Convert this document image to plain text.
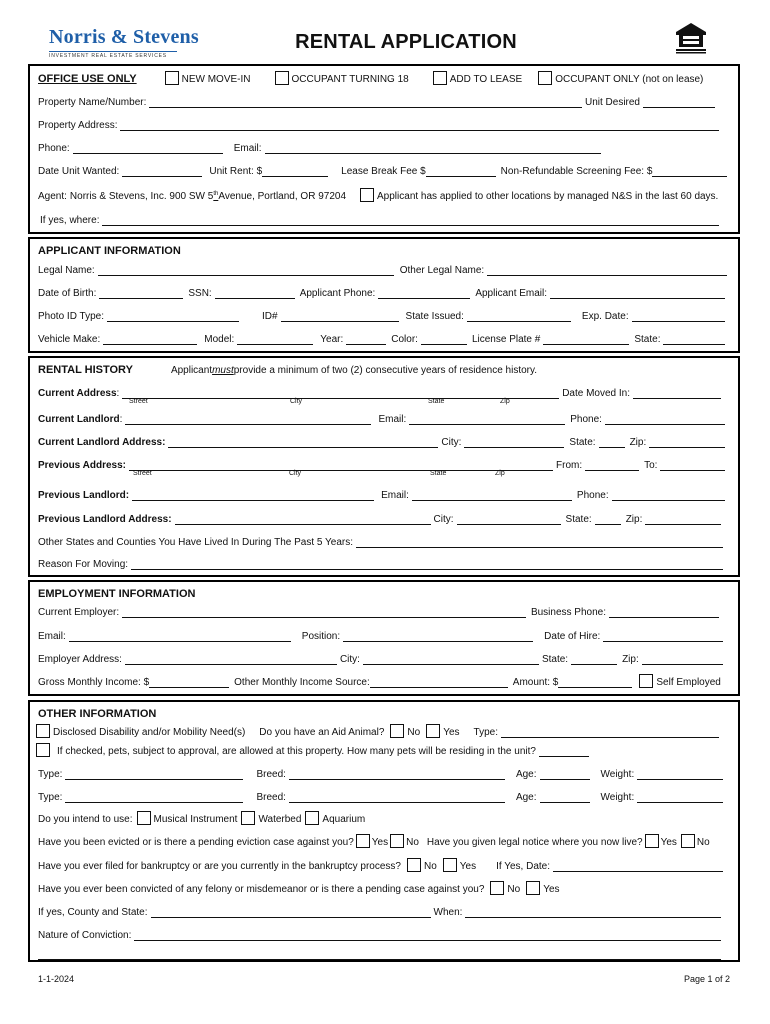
Norris & Stevens
INVESTMENT REAL ESTATE SERVICES
RENTAL APPLICATION
OFFICE USE ONLY	NEW MOVE-IN	OCCUPANT TURNING 18	ADD TO LEASE	OCCUPANT ONLY (not on lease)
Property Name/Number:	Unit Desired
Property Address:
Phone:	Email:
Date Unit Wanted:	Unit Rent: $	Lease Break Fee $	Non-Refundable Screening Fee: $
Agent: Norris & Stevens, Inc. 900 SW 5thAvenue, Portland, OR 97204	Applicant has applied to other locations by managed N&S in the last 60 days.
If yes, where:
APPLICANT INFORMATION
Legal Name:	Other Legal Name:
Date of Birth:	SSN:	Applicant Phone:	Applicant Email:
Photo ID Type:	ID#	State Issued:	Exp. Date:
Vehicle Make:	Model:	Year:	Color:	License Plate #	State:
RENTAL HISTORY	Applicantmustprovide a minimum of two (2) consecutive years of residence history.
Current Address :	Date Moved In:
Street	City	State	Zip
Current Landlord :	Email:	Phone:
Current Landlord Address:	City:	State:	Zip:
Previous Address:	From:	To:
Street	City	State	Zip
Previous Landlord:	Email:	Phone:
Previous Landlord Address:	City:	State:	Zip:
Other States and Counties You Have Lived In During The Past 5 Years:
Reason For Moving:
EMPLOYMENT INFORMATION
Current Employer:	Business Phone:
Email:	Position:	Date of Hire:
Employer Address:	City:	State:	Zip:
Gross Monthly Income: $	Other Monthly Income Source:	Amount: $	Self Employed
OTHER INFORMATION
Disclosed Disability and/or Mobility Need(s) Do you have an Aid Animal? No Yes Type:
If checked, pets, subject to approval, are allowed at this property. How many pets will be residing in the unit?
Type:	Breed:	Age:	Weight:
Type:	Breed:	Age:	Weight:
Do you intend to use: Musical Instrument Waterbed Aquarium
Have you been evicted or is there a pending eviction case against you? Yes No Have you given legal notice where you now live? Yes No
Have you ever filed for bankruptcy or are you currently in the bankruptcy process? No Yes If Yes, Date:
Have you ever been convicted of any felony or misdemeanor or is there a pending case against you? No Yes
If yes, County and State:	When:
Nature of Conviction:
1-1-2024	Page 1 of 2
